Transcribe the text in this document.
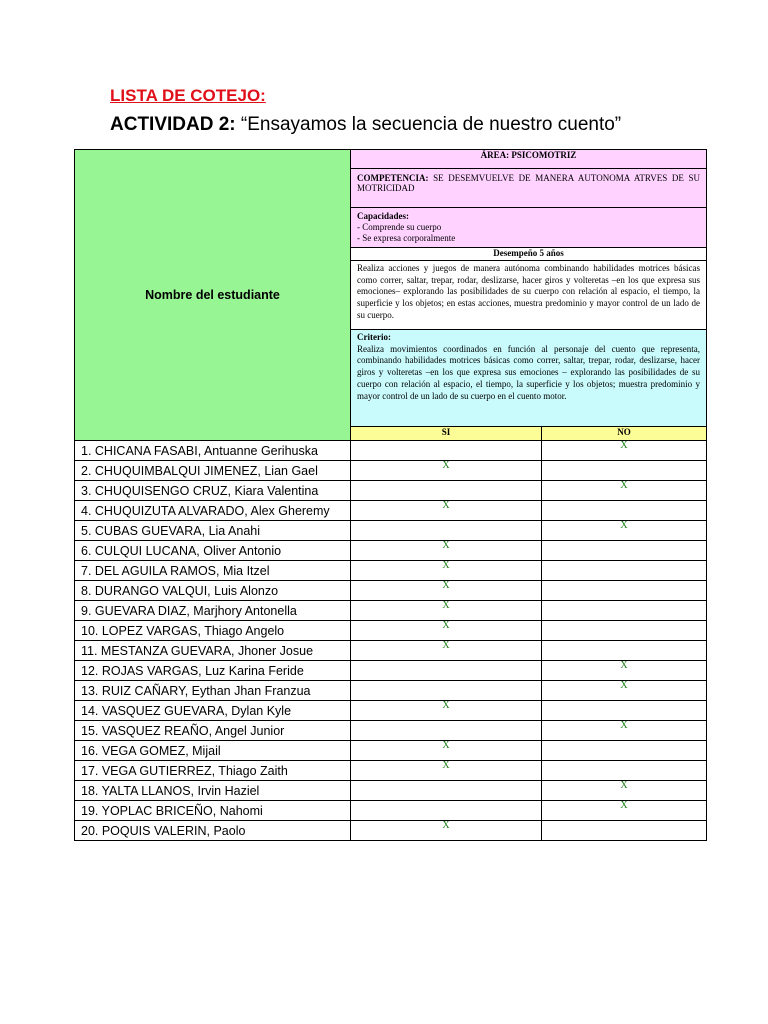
LISTA DE COTEJO:
ACTIVIDAD 2: “Ensayamos la secuencia de nuestro cuento”
Nombre del estudiante	ÁREA: PSICOMOTRIZ	
	COMPETENCIA: SE DESEMVUELVE DE MANERA AUTONOMA ATRVES DE SU MOTRICIDAD	

	Capacidades:
- Comprende su cuerpo
- Se expresa corporalmente	

	Desempeño 5 años	
	Realiza acciones y juegos de manera autónoma combinando habilidades motrices básicas como correr, saltar, trepar, rodar, deslizarse, hacer giros y volteretas –en los que expresa sus emociones– explorando las posibilidades de su cuerpo con relación al espacio, el tiempo, la superficie y los objetos; en estas acciones, muestra predominio y mayor control de un lado de su cuerpo.	

	Criterio:
Realiza movimientos coordinados en función al personaje del cuento que representa, combinando habilidades motrices básicas como correr, saltar, trepar, rodar, deslizarse, hacer giros y volteretas –en los que expresa sus emociones – explorando las posibilidades de su cuerpo con relación al espacio, el tiempo, la superficie y los objetos; muestra predominio y mayor control de un lado de su cuerpo en el cuento motor.	

	SI	NO
1. CHICANA FASABI, Antuanne Gerihuska		X
2. CHUQUIMBALQUI JIMENEZ, Lian Gael	X	
3. CHUQUISENGO CRUZ, Kiara Valentina		X
4. CHUQUIZUTA ALVARADO, Alex Gheremy	X	
5. CUBAS GUEVARA, Lia Anahi		X
6. CULQUI LUCANA, Oliver Antonio	X	
7. DEL AGUILA RAMOS, Mia Itzel	X	
8. DURANGO VALQUI, Luis Alonzo	X	
9. GUEVARA DIAZ, Marjhory Antonella	X	
10. LOPEZ VARGAS, Thiago Angelo	X	
11. MESTANZA GUEVARA, Jhoner Josue	X	
12. ROJAS VARGAS, Luz Karina Feride		X
13. RUIZ CAÑARY, Eythan Jhan Franzua		X
14. VASQUEZ GUEVARA, Dylan Kyle	X	
15. VASQUEZ REAÑO, Angel Junior		X
16. VEGA GOMEZ, Mijail	X	
17. VEGA GUTIERREZ, Thiago Zaith	X	
18. YALTA LLANOS, Irvin Haziel		X
19. YOPLAC BRICEÑO, Nahomi		X
20. POQUIS VALERIN, Paolo	X	
